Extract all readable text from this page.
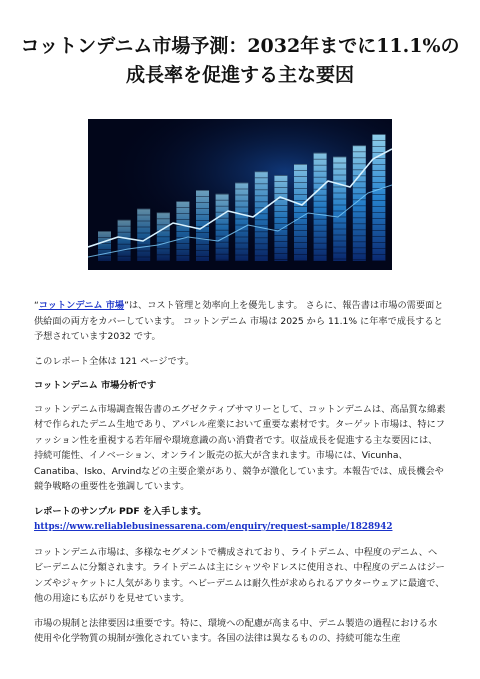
コットンデニム市場予測：2032年までに11.1%の成長率を促進する主な要因

“コットンデニム 市場”は、コスト管理と効率向上を優先します。 さらに、報告書は市場の需要面と供給面の両方をカバーしています。 コットンデニム 市場は 2025 から 11.1% に年率で成長すると予想されています2032 です。

このレポート全体は 121 ページです。

コットンデニム 市場分析です

コットンデニム市場調査報告書のエグゼクティブサマリーとして、コットンデニムは、高品質な綿素材で作られたデニム生地であり、アパレル産業において重要な素材です。ターゲット市場は、特にファッション性を重視する若年層や環境意識の高い消費者です。収益成長を促進する主な要因には、持続可能性、イノベーション、オンライン販売の拡大が含まれます。市場には、Vicunha、Canatiba、Isko、Arvindなどの主要企業があり、競争が激化しています。本報告では、成長機会や競争戦略の重要性を強調しています。

レポートのサンプル PDF を入手します。 https://www.reliablebusinessarena.com/enquiry/request-sample/1828942

コットンデニム市場は、多様なセグメントで構成されており、ライトデニム、中程度のデニム、ヘビーデニムに分類されます。ライトデニムは主にシャツやドレスに使用され、中程度のデニムはジーンズやジャケットに人気があります。ヘビーデニムは耐久性が求められるアウターウェアに最適で、他の用途にも広がりを見せています。

市場の規制と法律要因は重要です。特に、環境への配慮が高まる中、デニム製造の過程における水使用や化学物質の規制が強化されています。各国の法律は異なるものの、持続可能な生産
